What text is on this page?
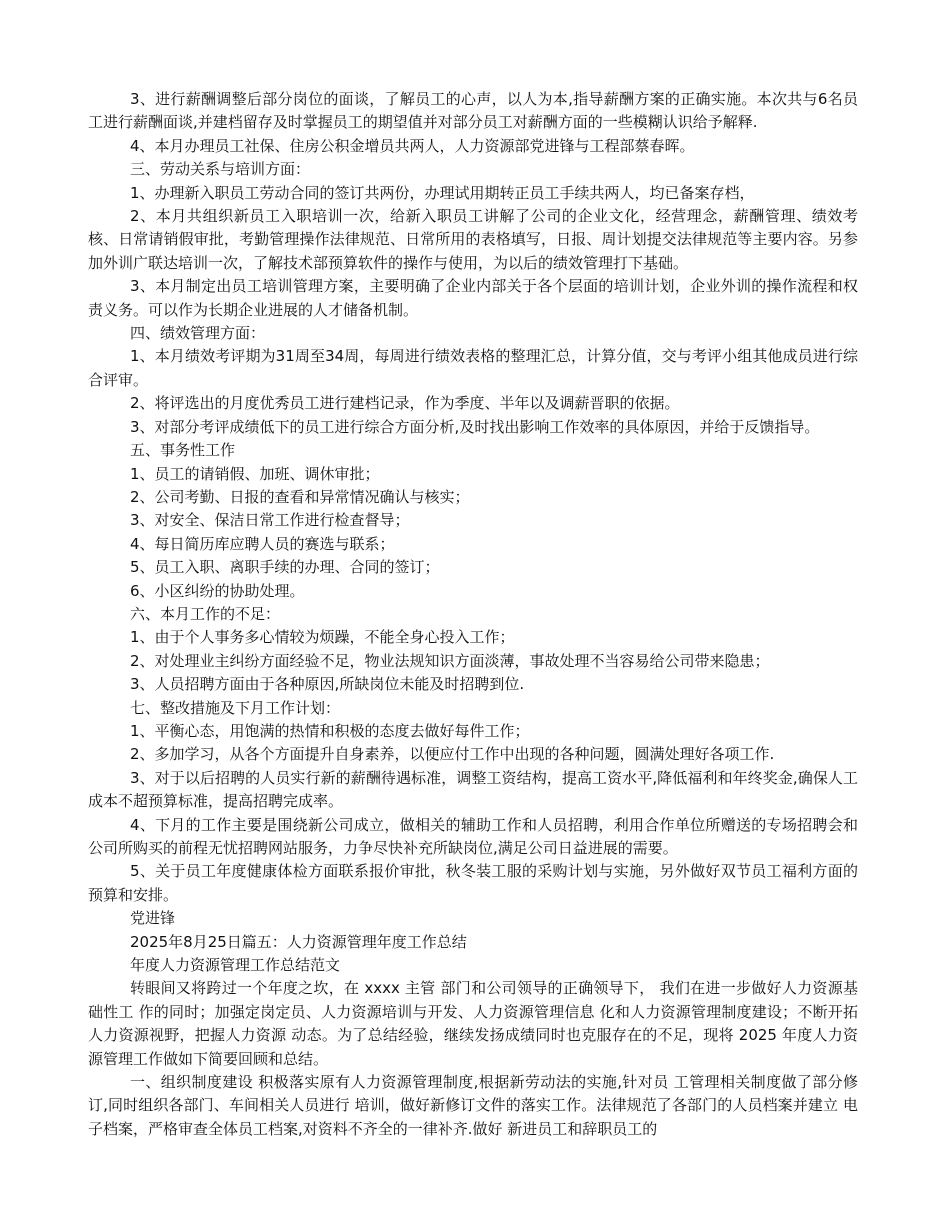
3、进行薪酬调整后部分岗位的面谈，了解员工的心声，以人为本,指导薪酬方案的正确实施。本次共与6名员工进行薪酬面谈,并建档留存及时掌握员工的期望值并对部分员工对薪酬方面的一些模糊认识给予解释.

4、本月办理员工社保、住房公积金增员共两人，人力资源部党进锋与工程部蔡春晖。

三、劳动关系与培训方面：

1、办理新入职员工劳动合同的签订共两份，办理试用期转正员工手续共两人，均已备案存档，

2、本月共组织新员工入职培训一次，给新入职员工讲解了公司的企业文化，经营理念，薪酬管理、绩效考核、日常请销假审批，考勤管理操作法律规范、日常所用的表格填写，日报、周计划提交法律规范等主要内容。另参加外训广联达培训一次，了解技术部预算软件的操作与使用，为以后的绩效管理打下基础。

3、本月制定出员工培训管理方案，主要明确了企业内部关于各个层面的培训计划，企业外训的操作流程和权责义务。可以作为长期企业进展的人才储备机制。

四、绩效管理方面：

1、本月绩效考评期为31周至34周，每周进行绩效表格的整理汇总，计算分值，交与考评小组其他成员进行综合评审。

2、将评选出的月度优秀员工进行建档记录，作为季度、半年以及调薪晋职的依据。

3、对部分考评成绩低下的员工进行综合方面分析,及时找出影响工作效率的具体原因，并给于反馈指导。

五、事务性工作

1、员工的请销假、加班、调休审批；

2、公司考勤、日报的查看和异常情况确认与核实；

3、对安全、保洁日常工作进行检查督导；

4、每日简历库应聘人员的赛选与联系；

5、员工入职、离职手续的办理、合同的签订；

6、小区纠纷的协助处理。

六、本月工作的不足：

1、由于个人事务多心情较为烦躁，不能全身心投入工作；

2、对处理业主纠纷方面经验不足，物业法规知识方面淡薄，事故处理不当容易给公司带来隐患；

3、人员招聘方面由于各种原因,所缺岗位未能及时招聘到位.

七、整改措施及下月工作计划：

1、平衡心态，用饱满的热情和积极的态度去做好每件工作；

2、多加学习，从各个方面提升自身素养，以便应付工作中出现的各种问题，圆满处理好各项工作.

3、对于以后招聘的人员实行新的薪酬待遇标准，调整工资结构，提高工资水平,降低福利和年终奖金,确保人工成本不超预算标准，提高招聘完成率。

4、下月的工作主要是围绕新公司成立，做相关的辅助工作和人员招聘，利用合作单位所赠送的专场招聘会和公司所购买的前程无忧招聘网站服务，力争尽快补充所缺岗位,满足公司日益进展的需要。

5、关于员工年度健康体检方面联系报价审批，秋冬装工服的采购计划与实施，另外做好双节员工福利方面的预算和安排。

党进锋

2025年8月25日篇五：人力资源管理年度工作总结

年度人力资源管理工作总结范文

转眼间又将跨过一个年度之坎，在 xxxx 主管 部门和公司领导的正确领导下， 我们在进一步做好人力资源基础性工 作的同时；加强定岗定员、人力资源培训与开发、人力资源管理信息 化和人力资源管理制度建设；不断开拓人力资源视野，把握人力资源 动态。为了总结经验，继续发扬成绩同时也克服存在的不足，现将 2025 年度人力资源管理工作做如下简要回顾和总结。

一、组织制度建设 积极落实原有人力资源管理制度,根据新劳动法的实施,针对员 工管理相关制度做了部分修订,同时组织各部门、车间相关人员进行 培训，做好新修订文件的落实工作。法律规范了各部门的人员档案并建立 电子档案，严格审查全体员工档案,对资料不齐全的一律补齐.做好 新进员工和辞职员工的
